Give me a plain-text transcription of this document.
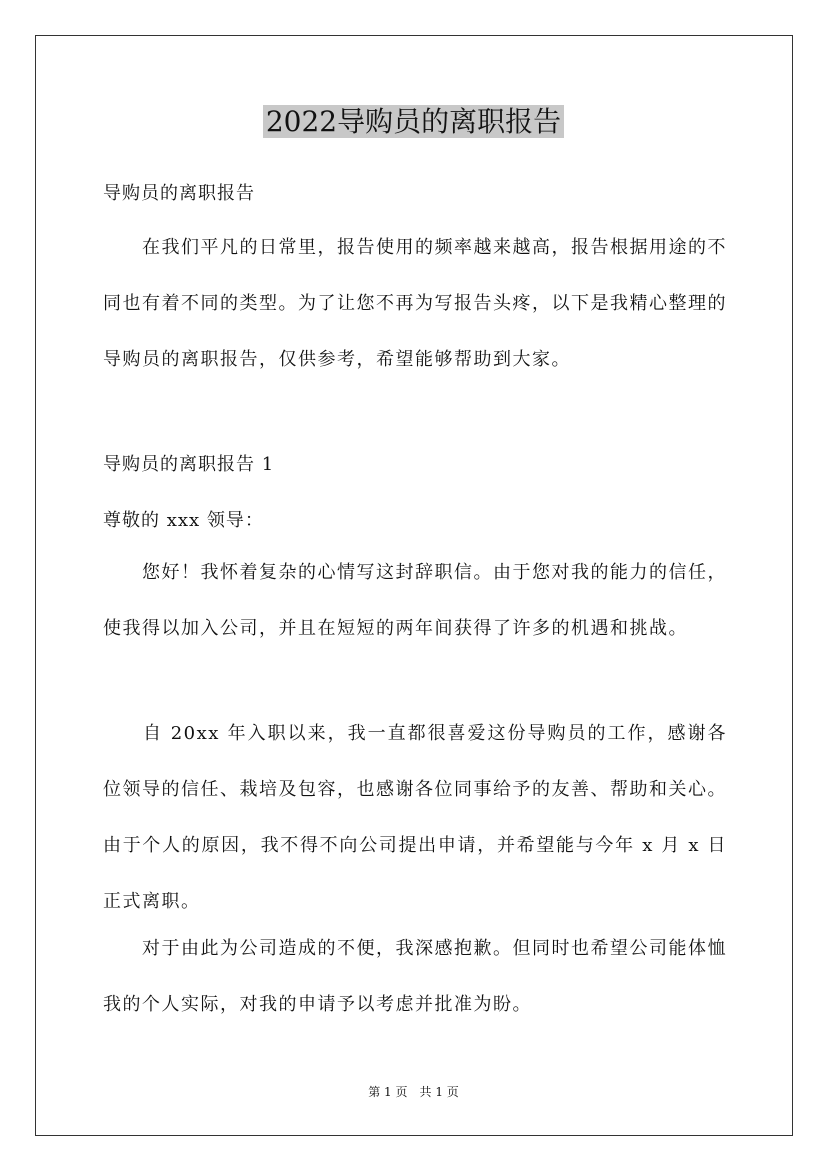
2022导购员的离职报告

导购员的离职报告

　　在我们平凡的日常里，报告使用的频率越来越高，报告根据用途的不同也有着不同的类型。为了让您不再为写报告头疼，以下是我精心整理的导购员的离职报告，仅供参考，希望能够帮助到大家。

导购员的离职报告 1

尊敬的 xxx 领导：

　　您好！我怀着复杂的心情写这封辞职信。由于您对我的能力的信任，使我得以加入公司，并且在短短的两年间获得了许多的机遇和挑战。

　　自 20xx 年入职以来，我一直都很喜爱这份导购员的工作，感谢各位领导的信任、栽培及包容，也感谢各位同事给予的友善、帮助和关心。由于个人的原因，我不得不向公司提出申请，并希望能与今年 x 月 x 日正式离职。

　　对于由此为公司造成的不便，我深感抱歉。但同时也希望公司能体恤我的个人实际，对我的申请予以考虑并批准为盼。

第 1 页　共 1 页
